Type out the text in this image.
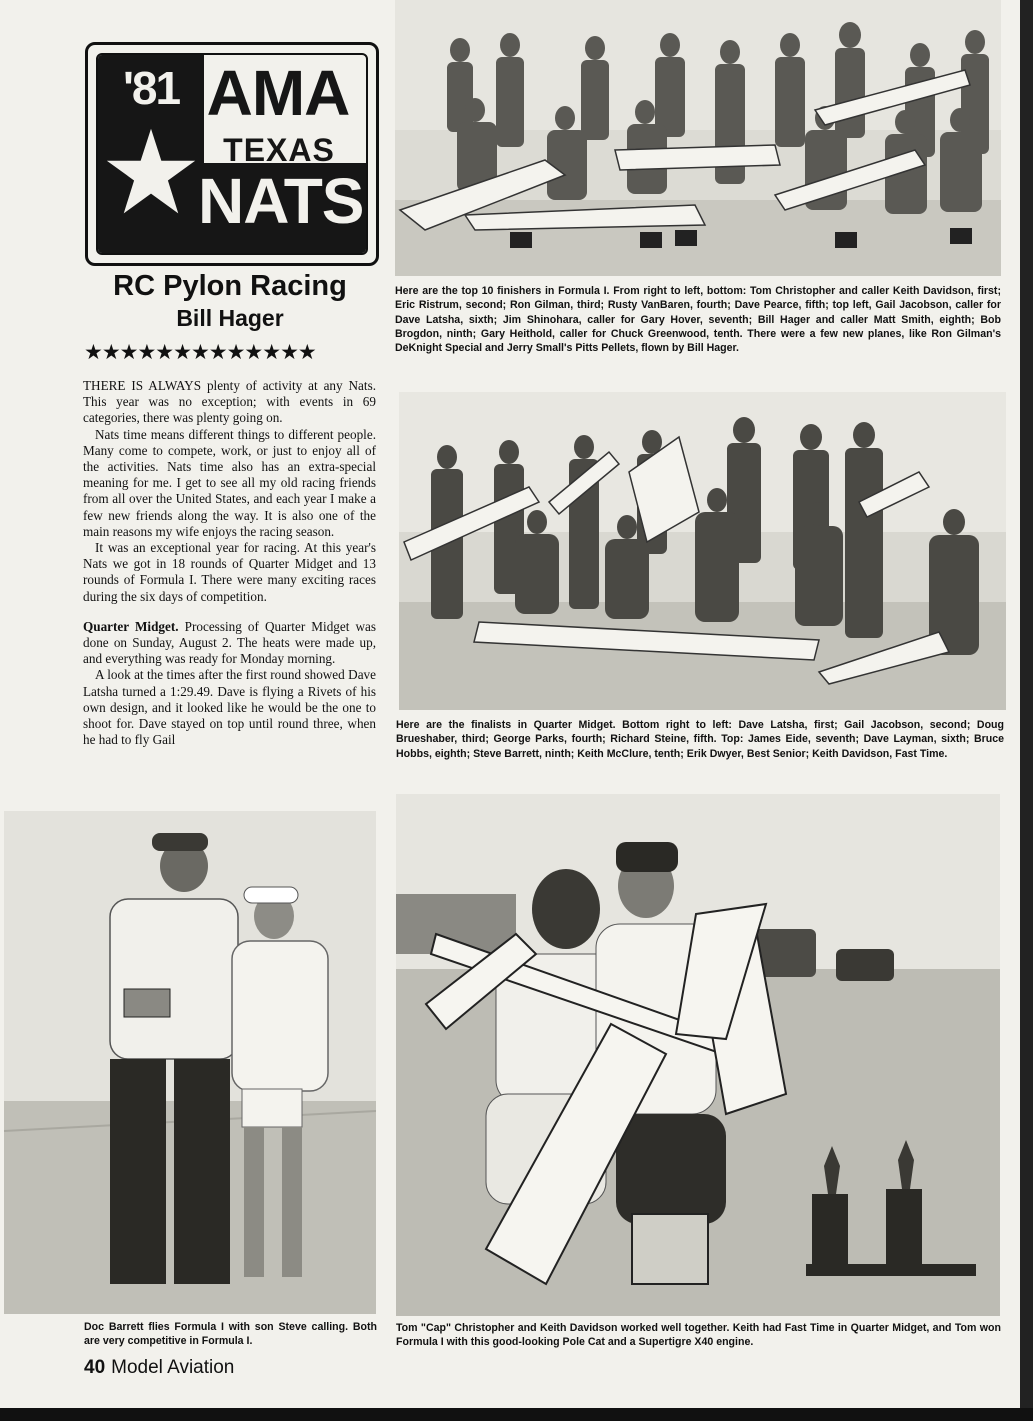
'81 AMA
TEXAS
NATS
RC Pylon Racing
Bill Hager
★★★★★★★★★★★★★

THERE IS ALWAYS plenty of activity at any Nats. This year was no exception; with events in 69 categories, there was plenty going on.

Nats time means different things to different people. Many come to compete, work, or just to enjoy all of the activities. Nats time also has an extra-special meaning for me. I get to see all my old racing friends from all over the United States, and each year I make a few new friends along the way. It is also one of the main reasons my wife enjoys the racing season.

It was an exceptional year for racing. At this year's Nats we got in 18 rounds of Quarter Midget and 13 rounds of Formula I. There were many exciting races during the six days of competition.

Quarter Midget. Processing of Quarter Midget was done on Sunday, August 2. The heats were made up, and everything was ready for Monday morning.

A look at the times after the first round showed Dave Latsha turned a 1:29.49. Dave is flying a Rivets of his own design, and it looked like he would be the one to shoot for. Dave stayed on top until round three, when he had to fly Gail

Here are the top 10 finishers in Formula I. From right to left, bottom: Tom Christopher and caller Keith Davidson, first; Eric Ristrum, second; Ron Gilman, third; Rusty VanBaren, fourth; Dave Pearce, fifth; top left, Gail Jacobson, caller for Dave Latsha, sixth; Jim Shinohara, caller for Gary Hover, seventh; Bill Hager and caller Matt Smith, eighth; Bob Brogdon, ninth; Gary Heithold, caller for Chuck Greenwood, tenth. There were a few new planes, like Ron Gilman's DeKnight Special and Jerry Small's Pitts Pellets, flown by Bill Hager.
Here are the finalists in Quarter Midget. Bottom right to left: Dave Latsha, first; Gail Jacobson, second; Doug Brueshaber, third; George Parks, fourth; Richard Steine, fifth. Top: James Eide, seventh; Dave Layman, sixth; Bruce Hobbs, eighth; Steve Barrett, ninth; Keith McClure, tenth; Erik Dwyer, Best Senior; Keith Davidson, Fast Time.
Doc Barrett flies Formula I with son Steve calling. Both are very competitive in Formula I.
Tom "Cap" Christopher and Keith Davidson worked well together. Keith had Fast Time in Quarter Midget, and Tom won Formula I with this good-looking Pole Cat and a Supertigre X40 engine.
40 Model Aviation
